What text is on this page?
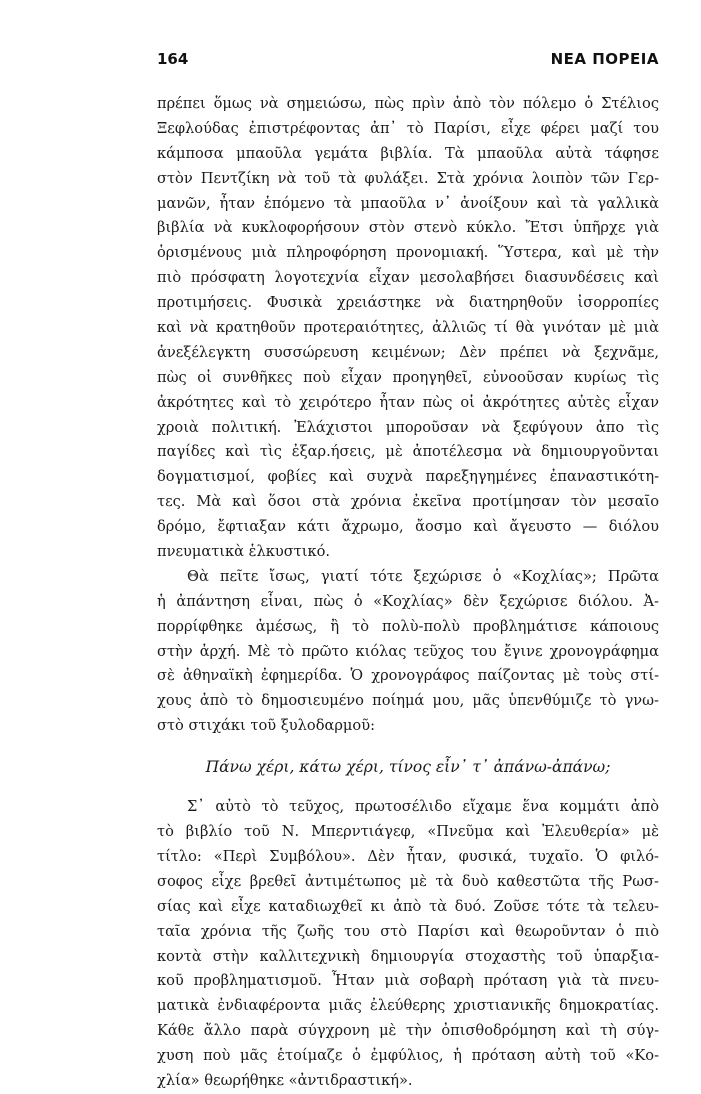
164	ΝΕΑ ΠΟΡΕΙΑ
πρέπει ὅμως νὰ σημειώσω, πὼς πρὶν ἀπὸ τὸν πόλεμο ὁ Στέλιος
Ξεφλούδας ἐπιστρέφοντας ἀπ᾿ τὸ Παρίσι, εἶχε φέρει μαζί του
κάμποσα μπαοῦλα γεμάτα βιβλία. Τὰ μπαοῦλα αὐτὰ τάφησε
στὸν Πεντζίκη νὰ τοῦ τὰ φυλάξει. Στὰ χρόνια λοιπὸν τῶν Γερ-
μανῶν, ἦταν ἑπόμενο τὰ μπαοῦλα ν᾿ ἀνοίξουν καὶ τὰ γαλλικὰ
βιβλία νὰ κυκλοφορήσουν στὸν στενὸ κύκλο. Ἔτσι ὑπῆρχε γιὰ
ὁρισμένους μιὰ πληροφόρηση προνομιακή. Ὕστερα, καὶ μὲ τὴν
πιὸ πρόσφατη λογοτεχνία εἶχαν μεσολαβήσει διασυνδέσεις καὶ
προτιμήσεις. Φυσικὰ χρειάστηκε νὰ διατηρηθοῦν ἰσορροπίες
καὶ νὰ κρατηθοῦν προτεραιότητες, ἀλλιῶς τί θὰ γινόταν μὲ μιὰ
ἀνεξέλεγκτη συσσώρευση κειμένων; Δὲν πρέπει νὰ ξεχνᾶμε,
πὼς οἱ συνθῆκες ποὺ εἶχαν προηγηθεῖ, εὐνοοῦσαν κυρίως τὶς
ἀκρότητες καὶ τὸ χειρότερο ἦταν πὼς οἱ ἀκρότητες αὐτὲς εἶχαν
χροιὰ πολιτική. Ἐλάχιστοι μποροῦσαν νὰ ξεφύγουν ἀπο τὶς
παγίδες καὶ τὶς ἐξαρ.ήσεις, μὲ ἀποτέλεσμα νὰ δημιουργοῦνται
δογματισμοί, φοβίες καὶ συχνὰ παρεξηγημένες ἐπαναστικότη-
τες. Μὰ καὶ ὅσοι στὰ χρόνια ἐκεῖνα προτίμησαν τὸν μεσαῖο
δρόμο, ἔφτιαξαν κάτι ἄχρωμο, ἄοσμο καὶ ἄγευστο — διόλου
πνευματικὰ ἑλκυστικό.
Θὰ πεῖτε ἴσως, γιατί τότε ξεχώρισε ὁ «Κοχλίας»; Πρῶτα
ἡ ἀπάντηση εἶναι, πὼς ὁ «Κοχλίας» δὲν ξεχώρισε διόλου. Ἀ-
πορρίφθηκε ἀμέσως, ἢ τὸ πολὺ-πολὺ προβλημάτισε κάποιους
στὴν ἀρχή. Μὲ τὸ πρῶτο κιόλας τεῦχος του ἔγινε χρονογράφημα
σὲ ἀθηναϊκὴ ἐφημερίδα. Ὁ χρονογράφος παίζοντας μὲ τοὺς στί-
χους ἀπὸ τὸ δημοσιευμένο ποίημά μου, μᾶς ὑπενθύμιζε τὸ γνω-
στὸ στιχάκι τοῦ ξυλοδαρμοῦ:
Πάνω χέρι, κάτω χέρι, τίνος εἶν᾿ τ᾿ ἀπάνω-ἀπάνω;
Σ᾿ αὐτὸ τὸ τεῦχος, πρωτοσέλιδο εἴχαμε ἕνα κομμάτι ἀπὸ
τὸ βιβλίο τοῦ Ν. Μπερντιάγεφ, «Πνεῦμα καὶ Ἐλευθερία» μὲ
τίτλο: «Περὶ Συμβόλου». Δὲν ἦταν, φυσικά, τυχαῖο. Ὁ φιλό-
σοφος εἶχε βρεθεῖ ἀντιμέτωπος μὲ τὰ δυὸ καθεστῶτα τῆς Ρωσ-
σίας καὶ εἶχε καταδιωχθεῖ κι ἀπὸ τὰ δυό. Ζοῦσε τότε τὰ τελευ-
ταῖα χρόνια τῆς ζωῆς του στὸ Παρίσι καὶ θεωροῦνταν ὁ πιὸ
κοντὰ στὴν καλλιτεχνικὴ δημιουργία στοχαστὴς τοῦ ὑπαρξια-
κοῦ προβληματισμοῦ. Ἦταν μιὰ σοβαρὴ πρόταση γιὰ τὰ πνευ-
ματικὰ ἐνδιαφέροντα μιᾶς ἐλεύθερης χριστιανικῆς δημοκρατίας.
Κάθε ἄλλο παρὰ σύγχρονη μὲ τὴν ὀπισθοδρόμηση καὶ τὴ σύγ-
χυση ποὺ μᾶς ἑτοίμαζε ὁ ἐμφύλιος, ἡ πρόταση αὐτὴ τοῦ «Κο-
χλία» θεωρήθηκε «ἀντιδραστική».
